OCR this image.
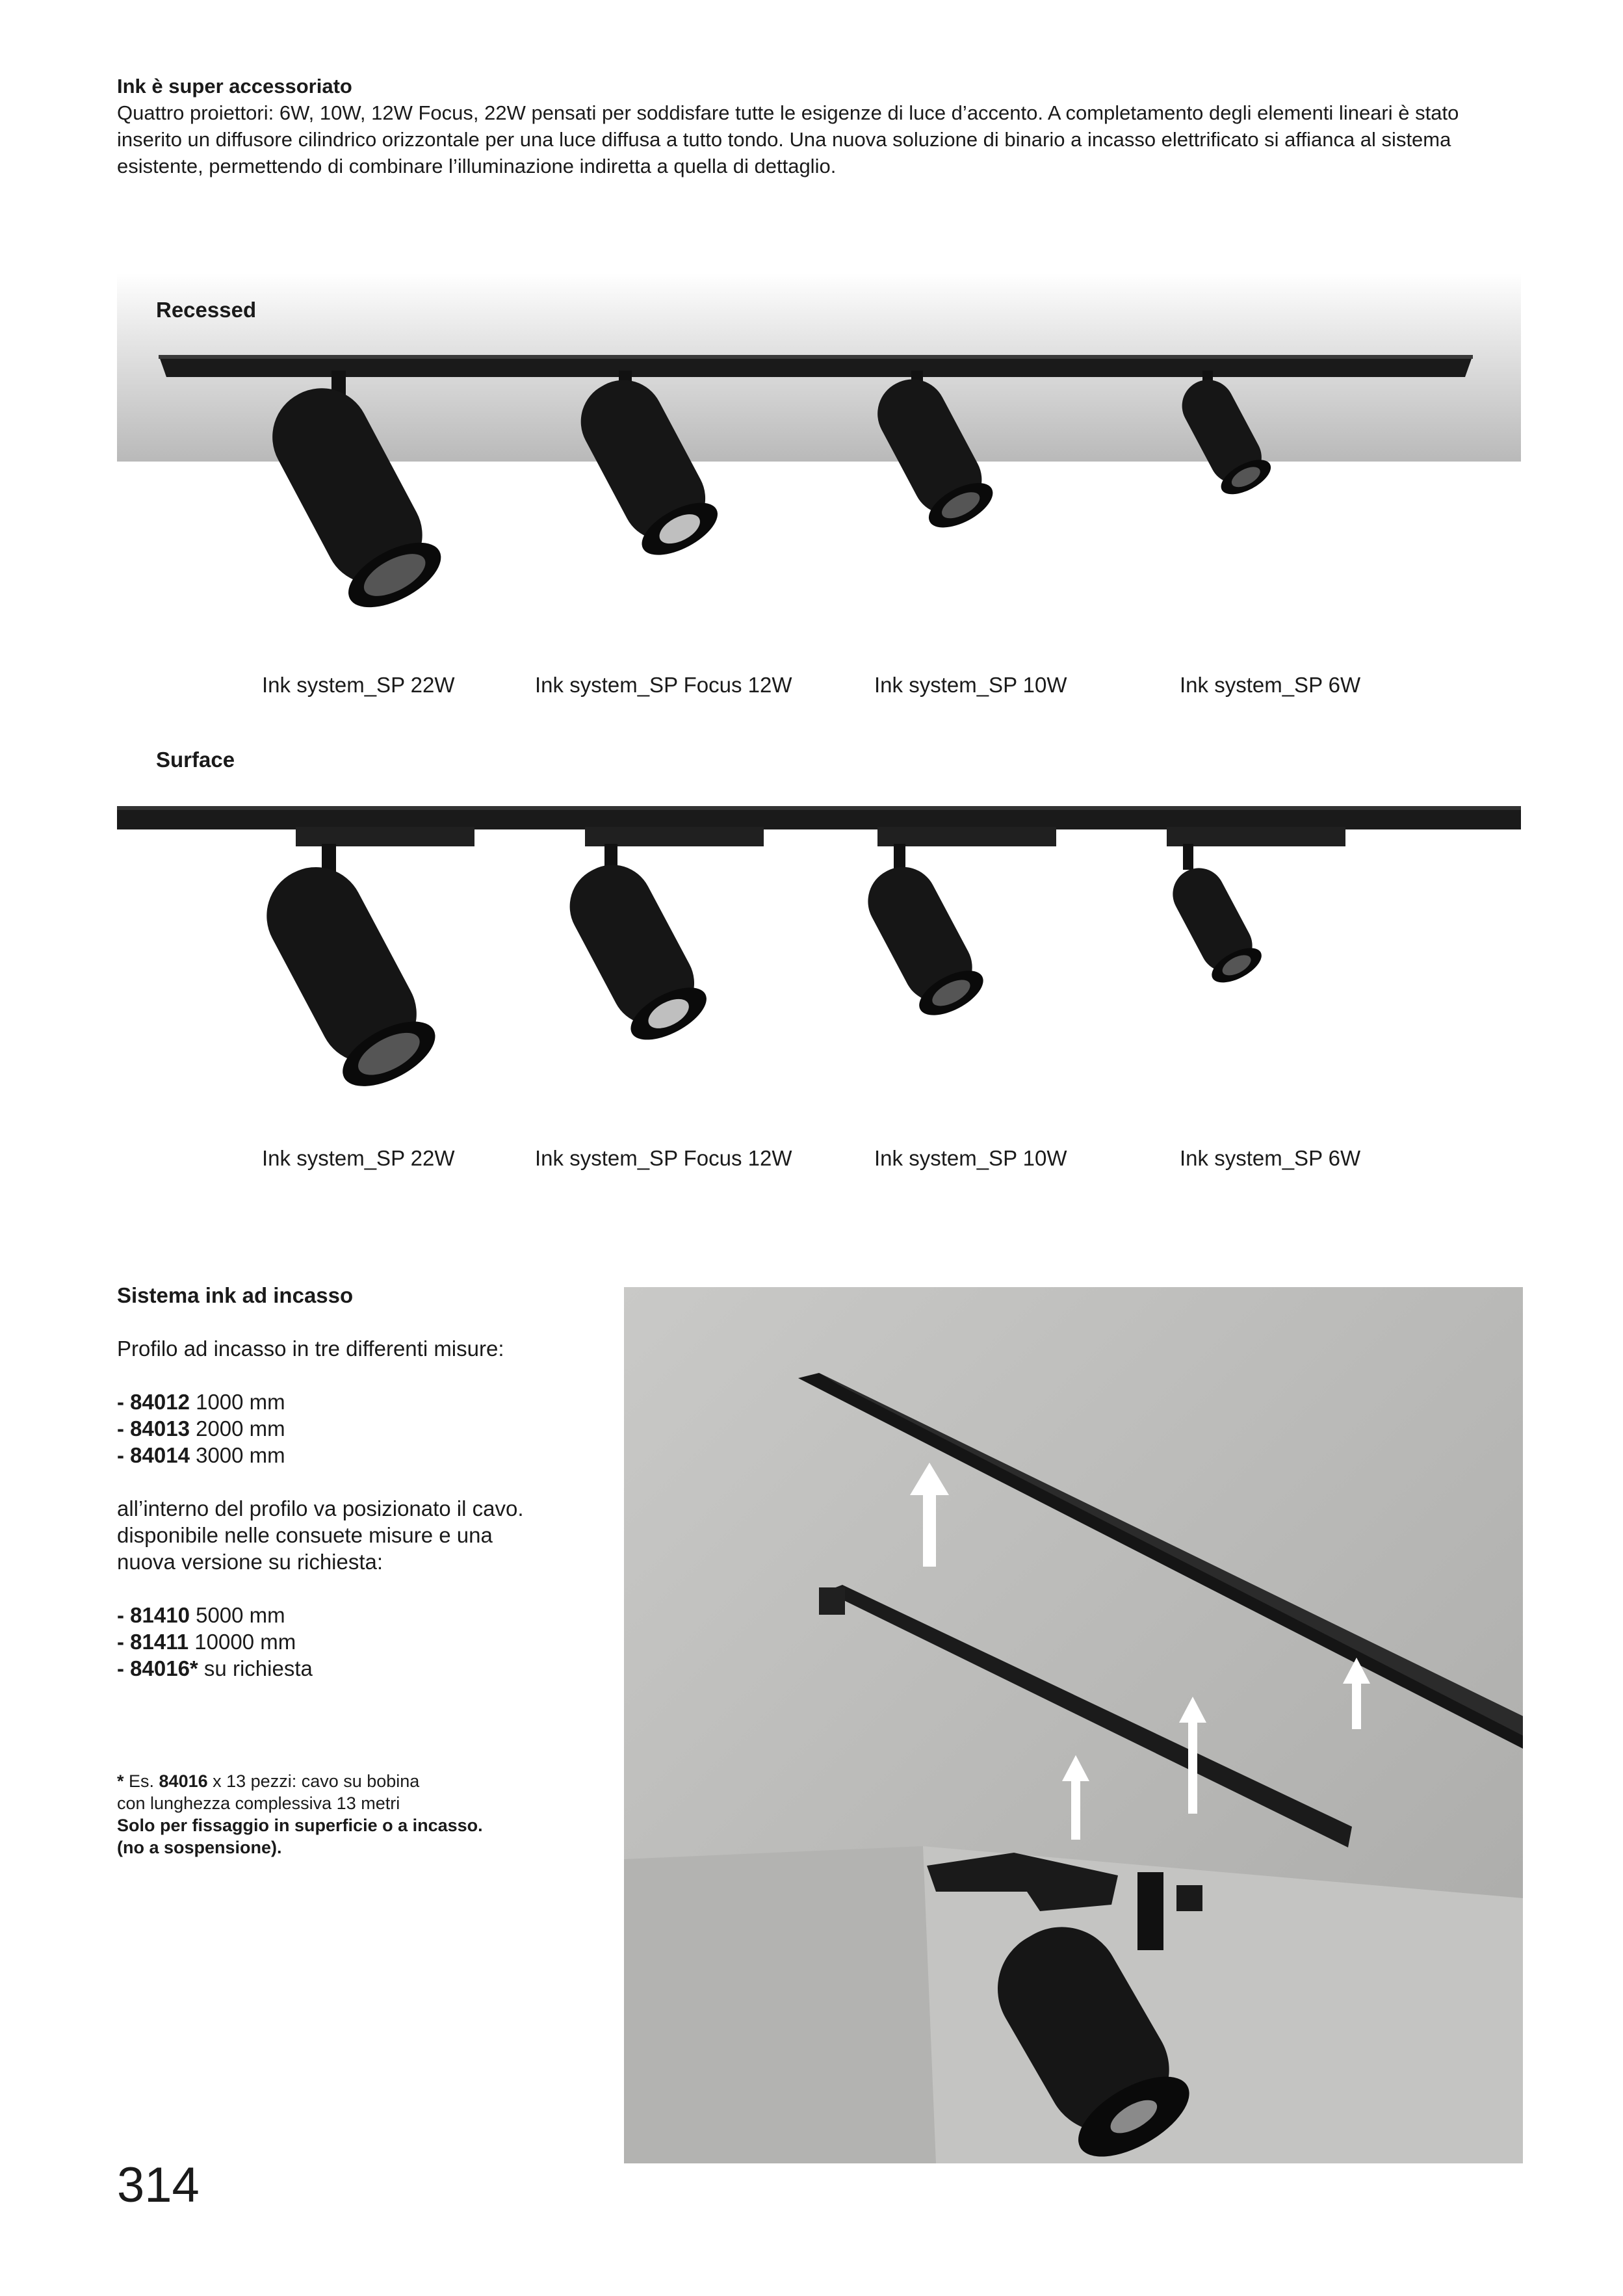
Ink è super accessoriato
Quattro proiettori: 6W, 10W, 12W Focus, 22W pensati per soddisfare tutte le esigenze di luce d’accento. A completamento degli elementi lineari è stato inserito un diffusore cilindrico orizzontale per una luce diffusa a tutto tondo. Una nuova soluzione di binario a incasso elettrificato si affianca al sistema esistente, permettendo di combinare l’illuminazione indiretta a quella di dettaglio.
Recessed
Ink system_SP 22W	Ink system_SP Focus 12W	Ink system_SP 10W	Ink system_SP 6W
Surface
Ink system_SP 22W	Ink system_SP Focus 12W	Ink system_SP 10W	Ink system_SP 6W
Sistema ink ad incasso
Profilo ad incasso in tre differenti misure:
- 84012 1000 mm
- 84013 2000 mm
- 84014 3000 mm
all’interno del profilo va posizionato il cavo. disponibile nelle consuete misure e una nuova versione su richiesta:
- 81410 5000 mm
- 81411 10000 mm
- 84016* su richiesta
* Es. 84016 x 13 pezzi: cavo su bobina
con lunghezza complessiva 13 metri
Solo per fissaggio in superficie o a incasso.
(no a sospensione).
314
